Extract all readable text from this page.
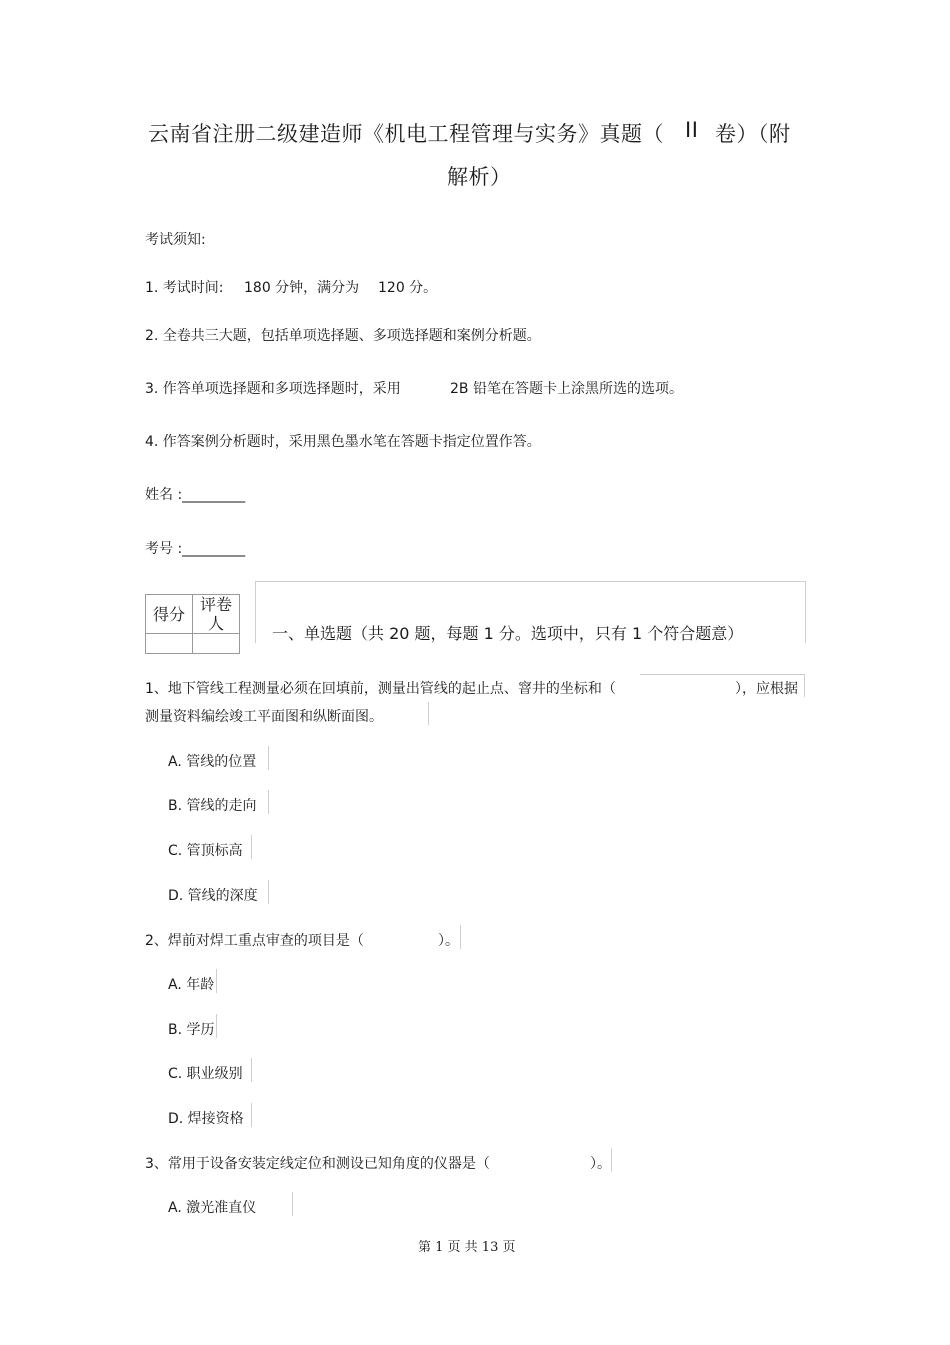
云南省注册二级建造师《机电工程管理与实务》真题（ II 卷）（附
解析）
考试须知:
1. 考试时间: 180 分钟，满分为 120 分。
2. 全卷共三大题，包括单项选择题、多项选择题和案例分析题。
3. 作答单项选择题和多项选择题时，采用	2B 铅笔在答题卡上涂黑所选的选项。
4. 作答案例分析题时，采用黑色墨水笔在答题卡指定位置作答。
姓名 :_________
考号 :_________
得分	评卷人

一、单选题（共 20 题，每题 1 分。选项中，只有 1 个符合题意）
1、地下管线工程测量必须在回填前，测量出管线的起止点、窨井的坐标和（	），应根据
测量资料编绘竣工平面图和纵断面图。
A. 管线的位置
B. 管线的走向
C. 管顶标高
D. 管线的深度
2、焊前对焊工重点审查的项目是（	）。
A. 年龄
B. 学历
C. 职业级别
D. 焊接资格
3、常用于设备安装定线定位和测设已知角度的仪器是（	）。
A. 激光准直仪
第 1 页 共 13 页
